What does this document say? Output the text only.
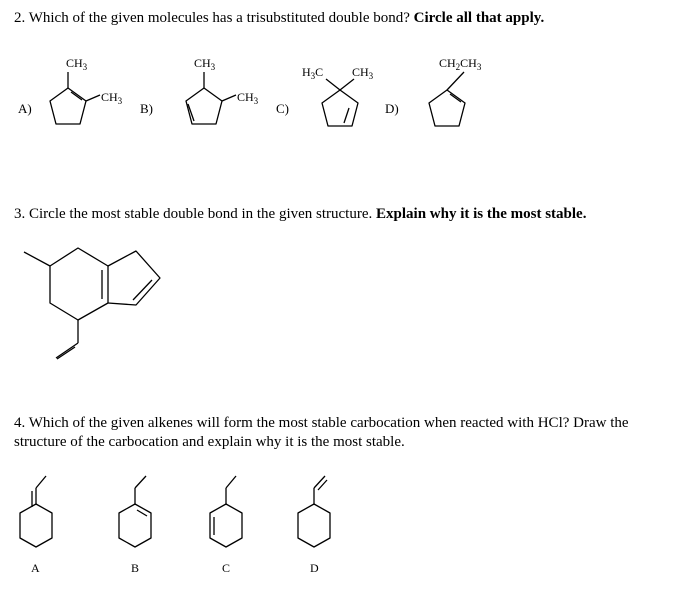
2. Which of the given molecules has a trisubstituted double bond? Circle all that apply.
$CH_3$
$CH_3$
A)
$CH_3$
$CH_3$
B)
$H_3C$ $CH_3$
C)
$CH_2CH_3$
D)
3. Circle the most stable double bond in the given structure. Explain why it is the most stable.
4. Which of the given alkenes will form the most stable carbocation when reacted with HCl? Draw the
structure of the carbocation and explain why it is the most stable.
A	B	C	D
